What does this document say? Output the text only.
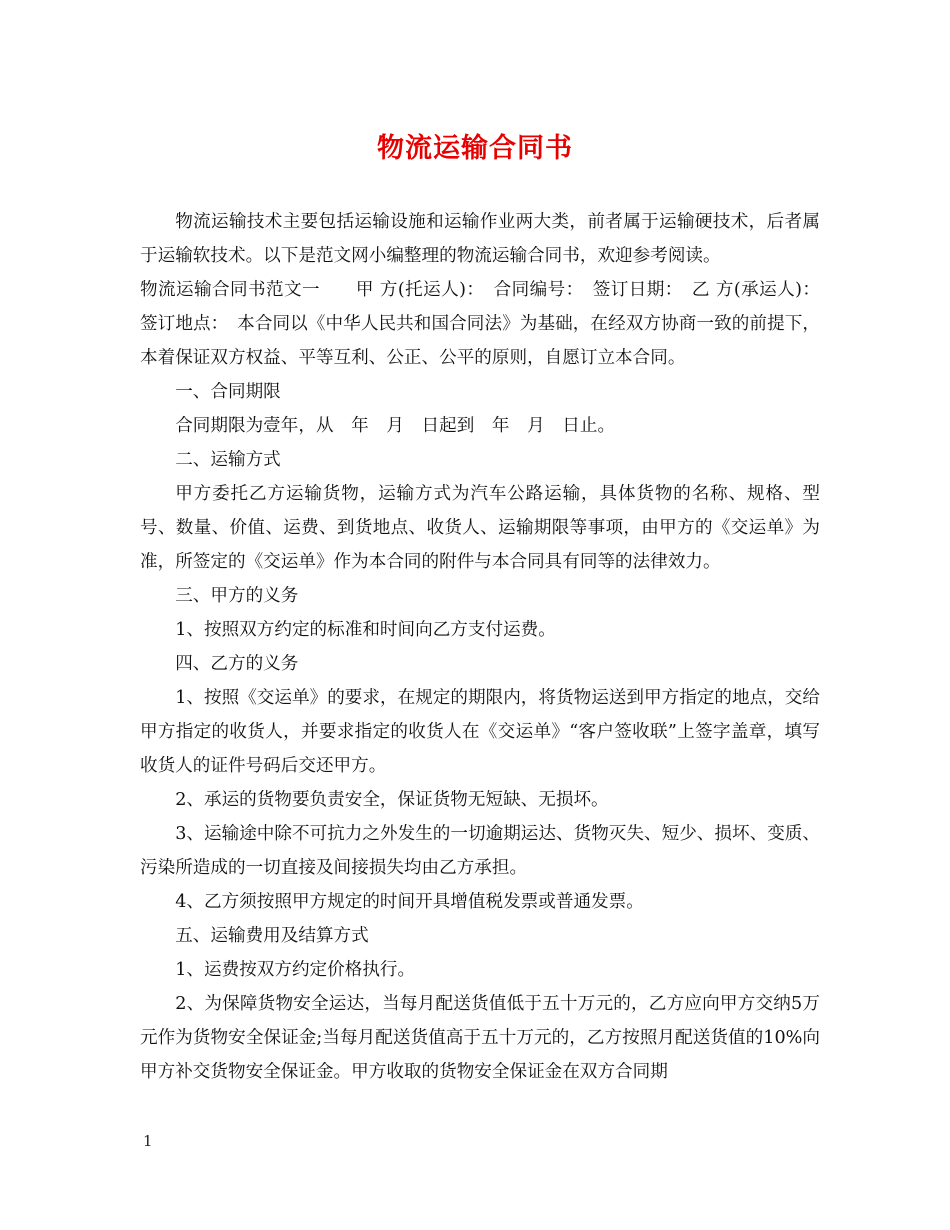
物流运输合同书

物流运输技术主要包括运输设施和运输作业两大类，前者属于运输硬技术，后者属于运输软技术。以下是范文网小编整理的物流运输合同书，欢迎参考阅读。

物流运输合同书范文一　　甲 方(托运人)：　合同编号：　签订日期：　乙 方(承运人)：签订地点：　本合同以《中华人民共和国合同法》为基础，在经双方协商一致的前提下，本着保证双方权益、平等互利、公正、公平的原则，自愿订立本合同。

一、合同期限

合同期限为壹年，从　年　月　日起到　年　月　日止。

二、运输方式

甲方委托乙方运输货物，运输方式为汽车公路运输，具体货物的名称、规格、型号、数量、价值、运费、到货地点、收货人、运输期限等事项，由甲方的《交运单》为准，所签定的《交运单》作为本合同的附件与本合同具有同等的法律效力。

三、甲方的义务

1、按照双方约定的标准和时间向乙方支付运费。

四、乙方的义务

1、按照《交运单》的要求，在规定的期限内，将货物运送到甲方指定的地点，交给甲方指定的收货人，并要求指定的收货人在《交运单》“客户签收联”上签字盖章，填写收货人的证件号码后交还甲方。

2、承运的货物要负责安全，保证货物无短缺、无损坏。

3、运输途中除不可抗力之外发生的一切逾期运达、货物灭失、短少、损坏、变质、污染所造成的一切直接及间接损失均由乙方承担。

4、乙方须按照甲方规定的时间开具增值税发票或普通发票。

五、运输费用及结算方式

1、运费按双方约定价格执行。

2、为保障货物安全运达，当每月配送货值低于五十万元的，乙方应向甲方交纳5万元作为货物安全保证金;当每月配送货值高于五十万元的，乙方按照月配送货值的10%向甲方补交货物安全保证金。甲方收取的货物安全保证金在双方合同期

1
